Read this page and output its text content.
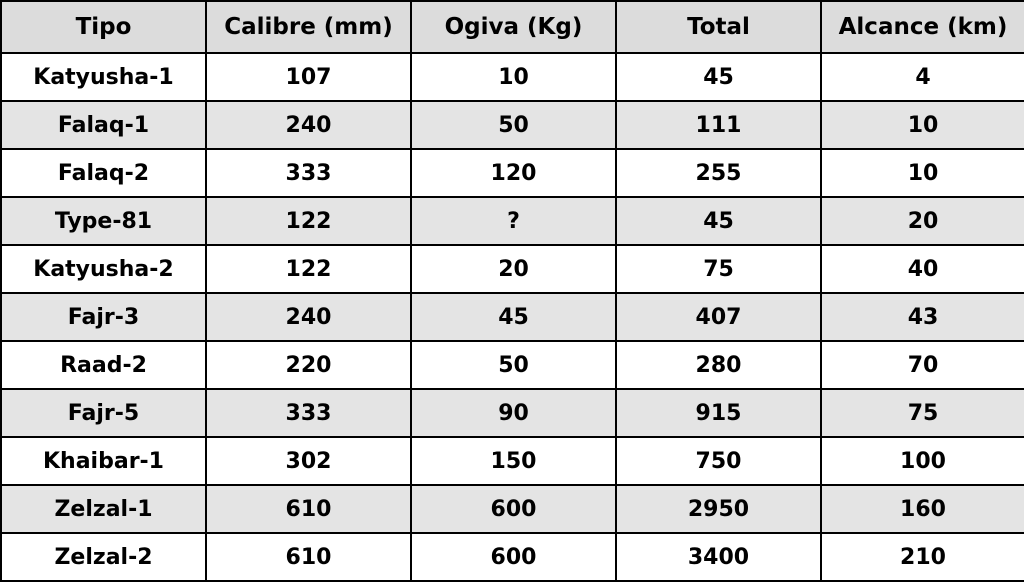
Tipo	Calibre (mm)	Ogiva (Kg)	Total	Alcance (km)
Katyusha-1	107	10	45	4
Falaq-1	240	50	111	10
Falaq-2	333	120	255	10
Type-81	122	?	45	20
Katyusha-2	122	20	75	40
Fajr-3	240	45	407	43
Raad-2	220	50	280	70
Fajr-5	333	90	915	75
Khaibar-1	302	150	750	100
Zelzal-1	610	600	2950	160
Zelzal-2	610	600	3400	210
